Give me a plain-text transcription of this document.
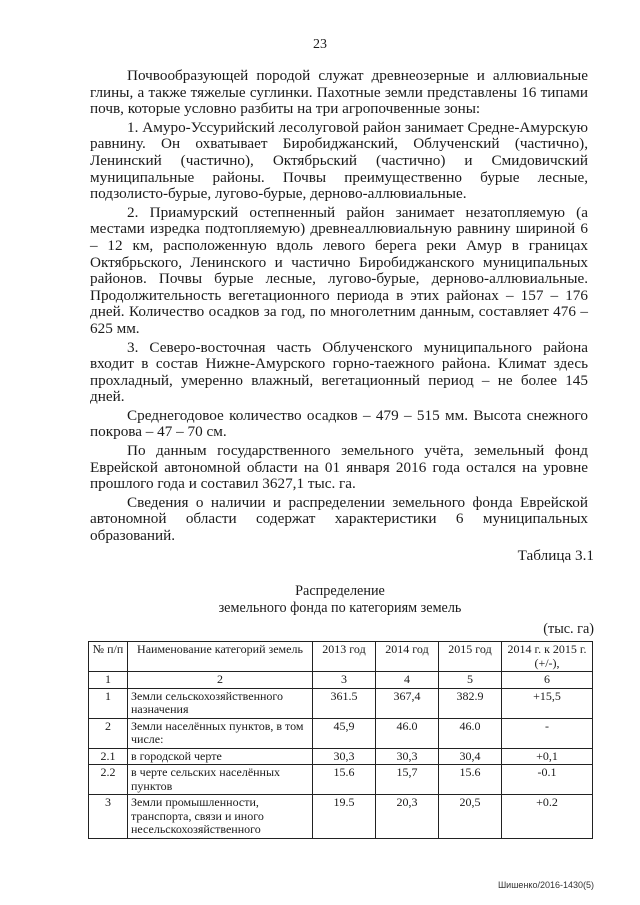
23

Почвообразующей породой служат древнеозерные и аллювиальные глины, а также тяжелые суглинки. Пахотные земли представлены 16 типами почв, которые условно разбиты на три агропочвенные зоны:

1. Амуро-Уссурийский лесолуговой район занимает Средне-Амурскую равнину. Он охватывает Биробиджанский, Облученский (частично), Ленинский (частично), Октябрьский (частично) и Смидовичский муниципальные районы. Почвы преимущественно бурые лесные, подзолисто-бурые, лугово-бурые, дерново-аллювиальные.

2. Приамурский остепненный район занимает незатопляемую (а местами изредка подтопляемую) древнеаллювиальную равнину шириной 6 – 12 км, расположенную вдоль левого берега реки Амур в границах Октябрьского, Ленинского и частично Биробиджанского муниципальных районов. Почвы бурые лесные, лугово-бурые, дерново-аллювиальные. Продолжительность вегетационного периода в этих районах – 157 – 176 дней. Количество осадков за год, по многолетним данным, составляет 476 – 625 мм.

3. Северо-восточная часть Облученского муниципального района входит в состав Нижне-Амурского горно-таежного района. Климат здесь прохладный, умеренно влажный, вегетационный период – не более 145 дней.

Среднегодовое количество осадков – 479 – 515 мм. Высота снежного покрова – 47 – 70 см.

По данным государственного земельного учёта, земельный фонд Еврейской автономной области на 01 января 2016 года остался на уровне прошлого года и составил 3627,1 тыс. га.

Сведения о наличии и распределении земельного фонда Еврейской автономной области содержат характеристики 6 муниципальных образований.

Таблица 3.1
Распределение
земельного фонда по категориям земель
(тыс. га)
№ п/п	Наименование категорий земель	2013 год	2014 год	2015 год	2014 г. к 2015 г. (+/-),
1	2	3	4	5	6
1	Земли сельскохозяйственного назначения	361.5	367,4	382.9	+15,5
2	Земли населённых пунктов, в том числе:	45,9	46.0	46.0	-
2.1	в городской черте	30,3	30,3	30,4	+0,1
2.2	в черте сельских населённых пунктов	15.6	15,7	15.6	-0.1
3	Земли промышленности, транспорта, связи и иного несельскохозяйственного	19.5	20,3	20,5	+0.2
Шишенко/2016-1430(5)
